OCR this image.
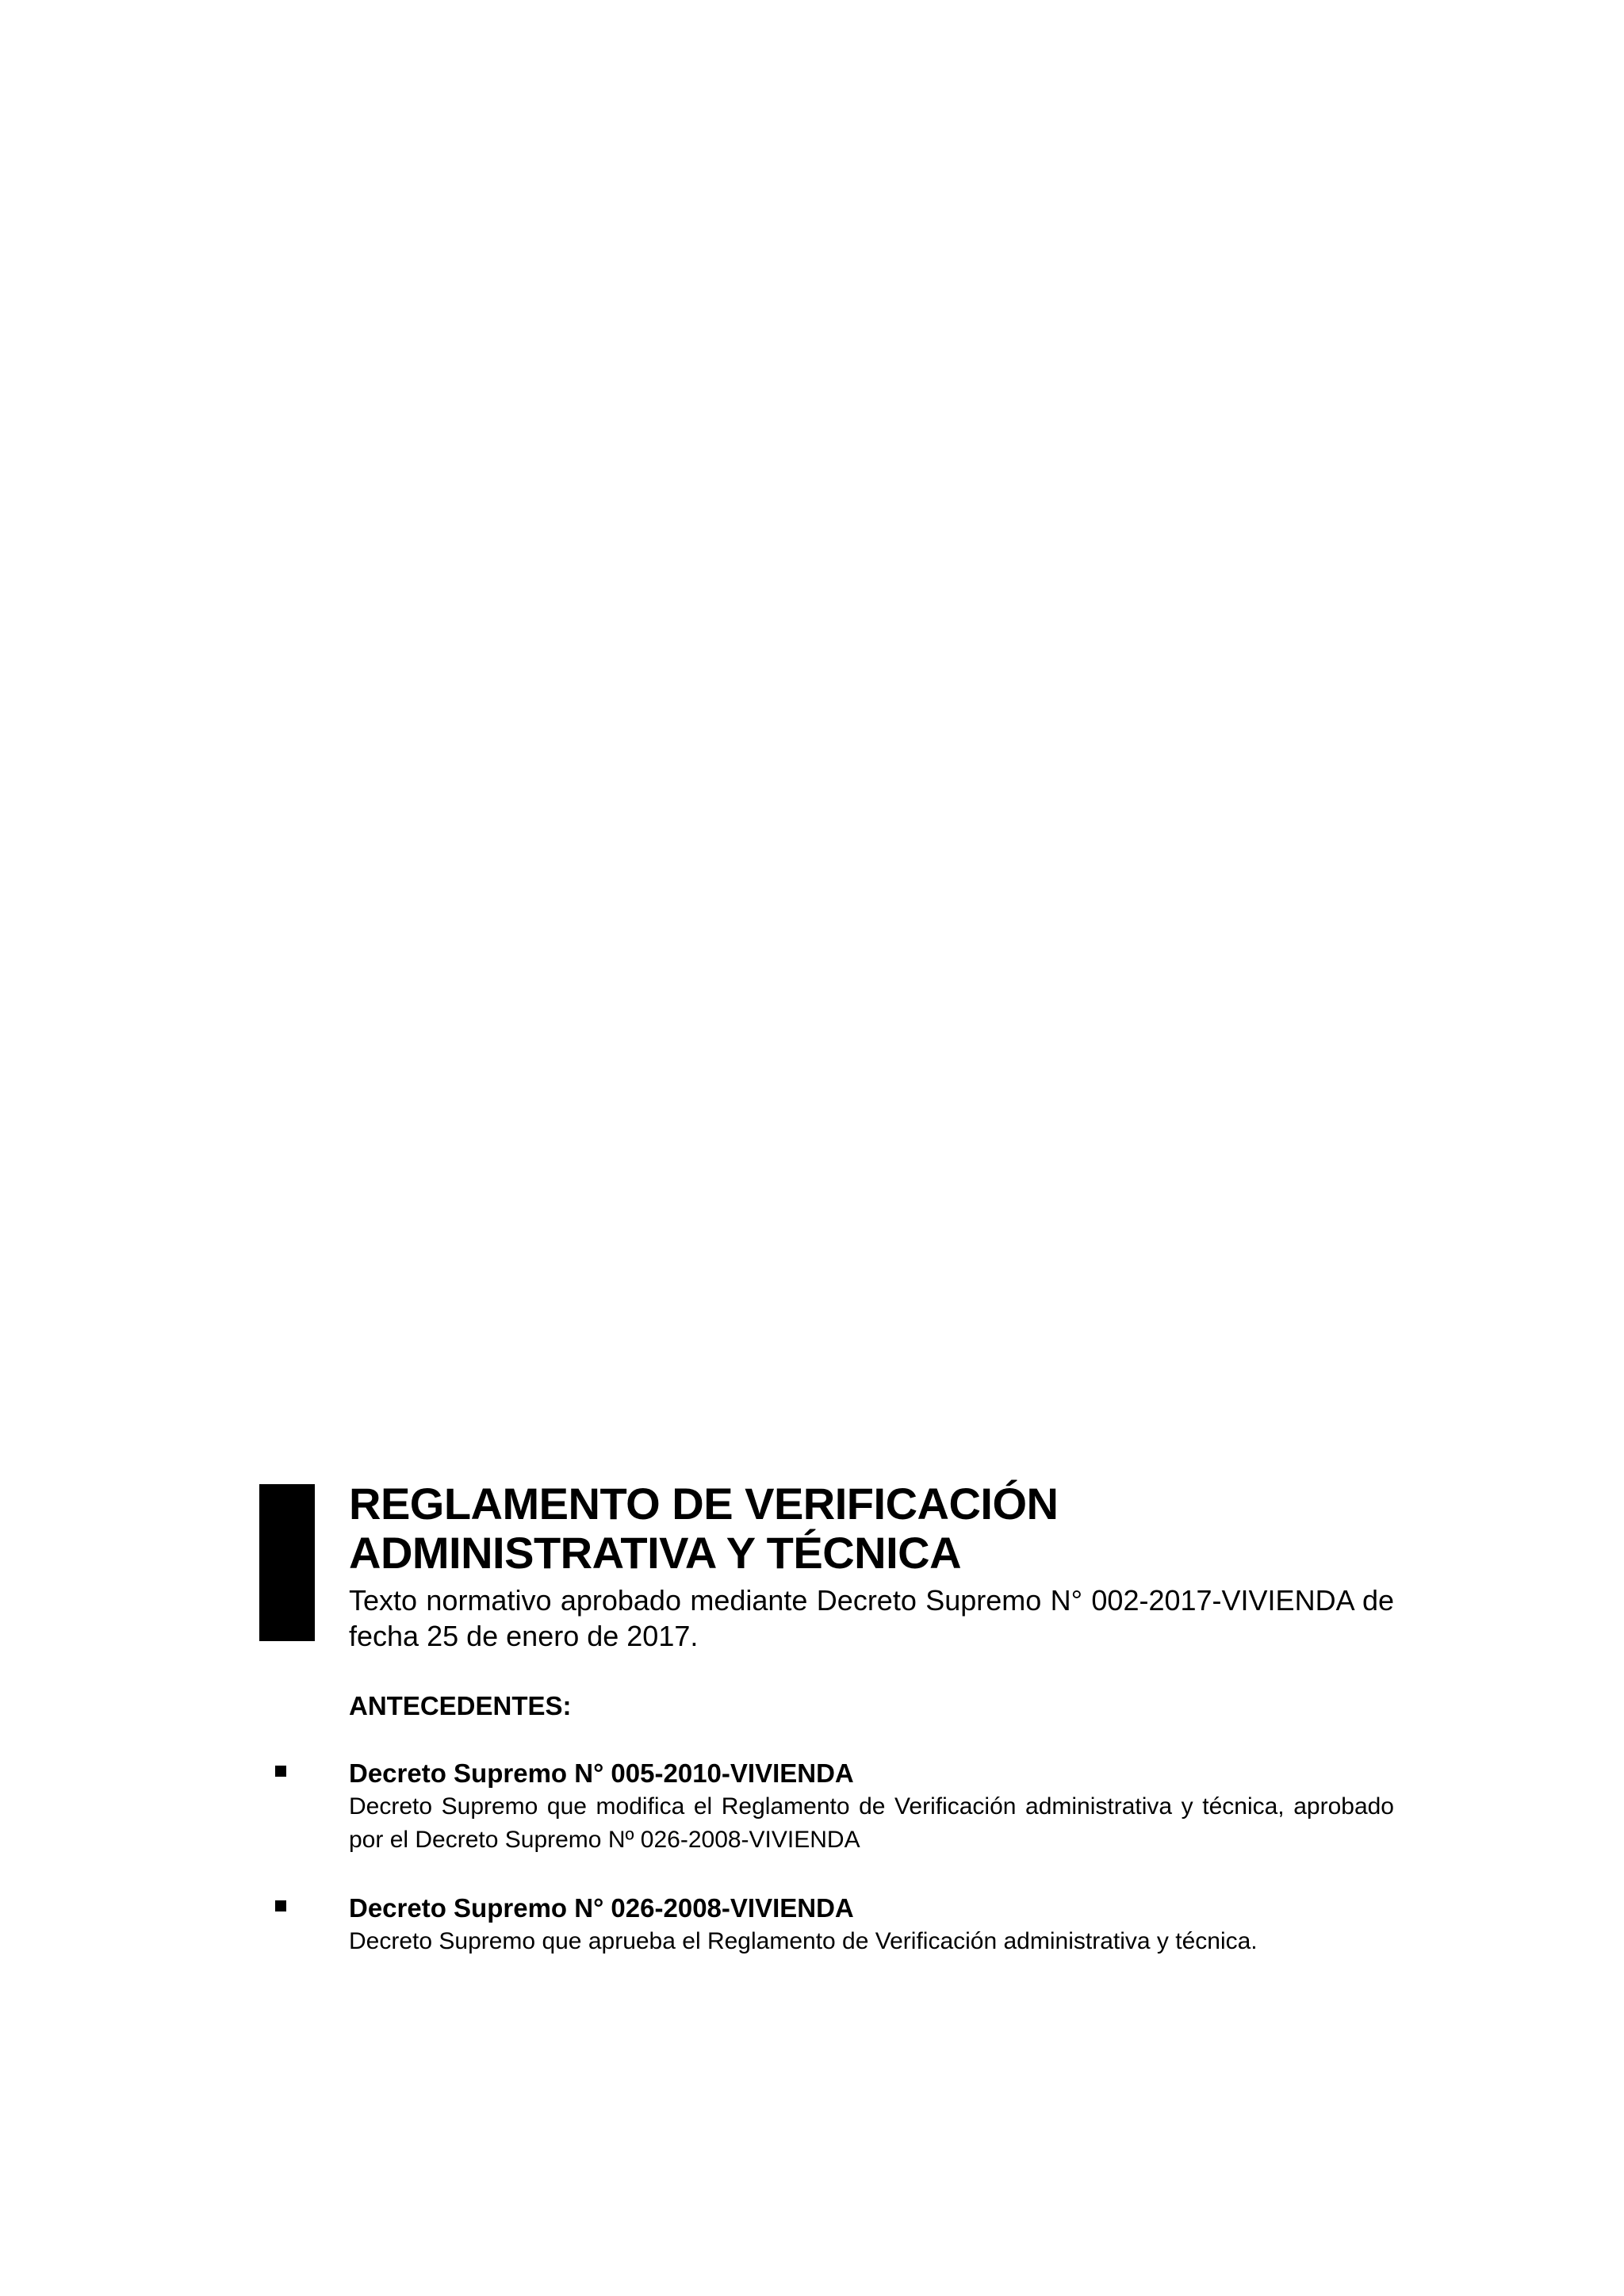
REGLAMENTO DE VERIFICACIÓN
ADMINISTRATIVA Y TÉCNICA

Texto normativo aprobado mediante Decreto Supremo N° 002-2017-VIVIENDA de fecha 25 de enero de 2017.

ANTECEDENTES:
Decreto Supremo N° 005-2010-VIVIENDA
Decreto Supremo que modifica el Reglamento de Verificación administrativa y técnica, aprobado por el Decreto Supremo Nº 026-2008-VIVIENDA
Decreto Supremo N° 026-2008-VIVIENDA
Decreto Supremo que aprueba el Reglamento de Verificación administrativa y técnica.
